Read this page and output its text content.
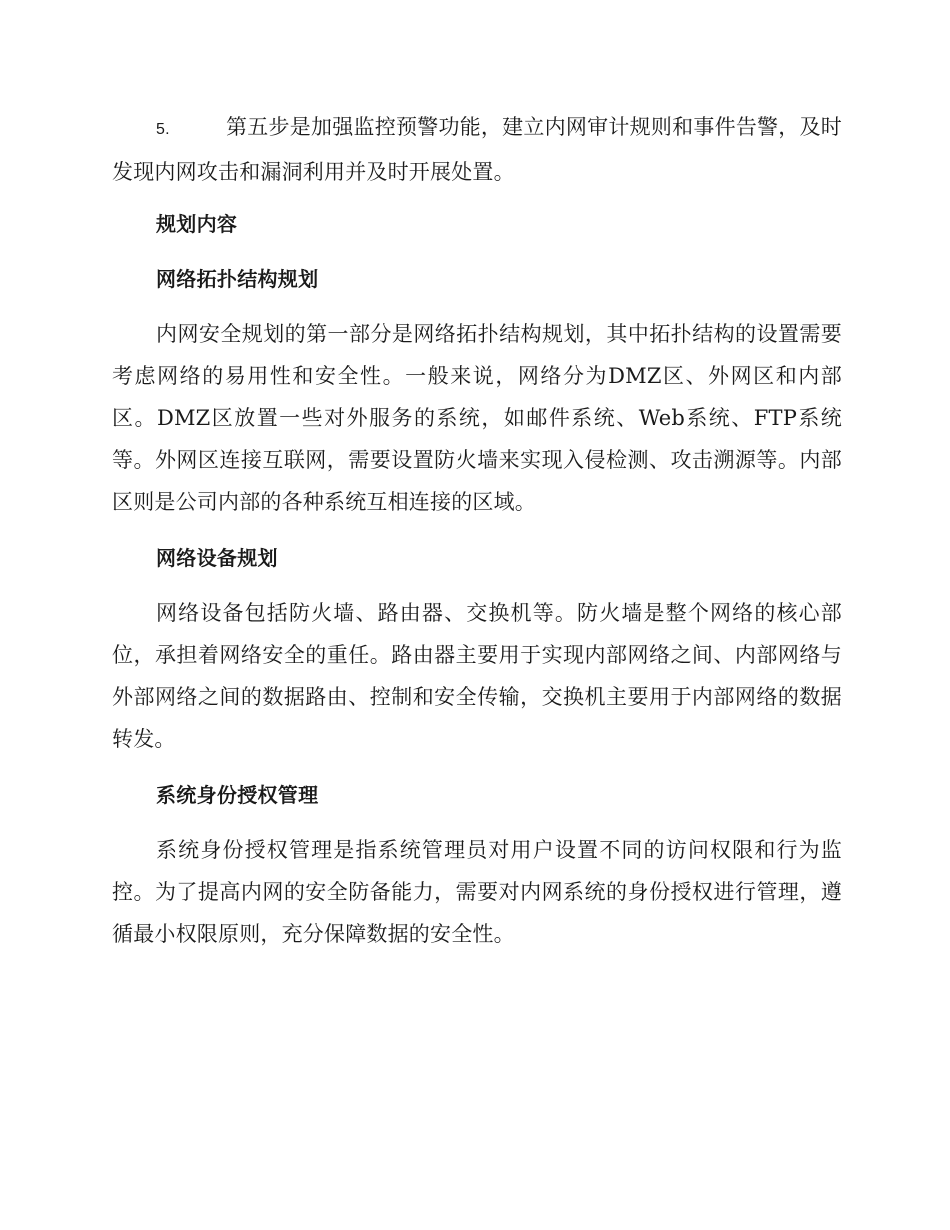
5.	第五步是加强监控预警功能，建立内网审计规则和事件告警，及时发现内网攻击和漏洞利用并及时开展处置。

规划内容
网络拓扑结构规划

内网安全规划的第一部分是网络拓扑结构规划，其中拓扑结构的设置需要考虑网络的易用性和安全性。一般来说，网络分为DMZ区、外网区和内部区。DMZ区放置一些对外服务的系统，如邮件系统、Web系统、FTP系统等。外网区连接互联网，需要设置防火墙来实现入侵检测、攻击溯源等。内部区则是公司内部的各种系统互相连接的区域。

网络设备规划

网络设备包括防火墙、路由器、交换机等。防火墙是整个网络的核心部位，承担着网络安全的重任。路由器主要用于实现内部网络之间、内部网络与外部网络之间的数据路由、控制和安全传输，交换机主要用于内部网络的数据转发。

系统身份授权管理

系统身份授权管理是指系统管理员对用户设置不同的访问权限和行为监控。为了提高内网的安全防备能力，需要对内网系统的身份授权进行管理，遵循最小权限原则，充分保障数据的安全性。
